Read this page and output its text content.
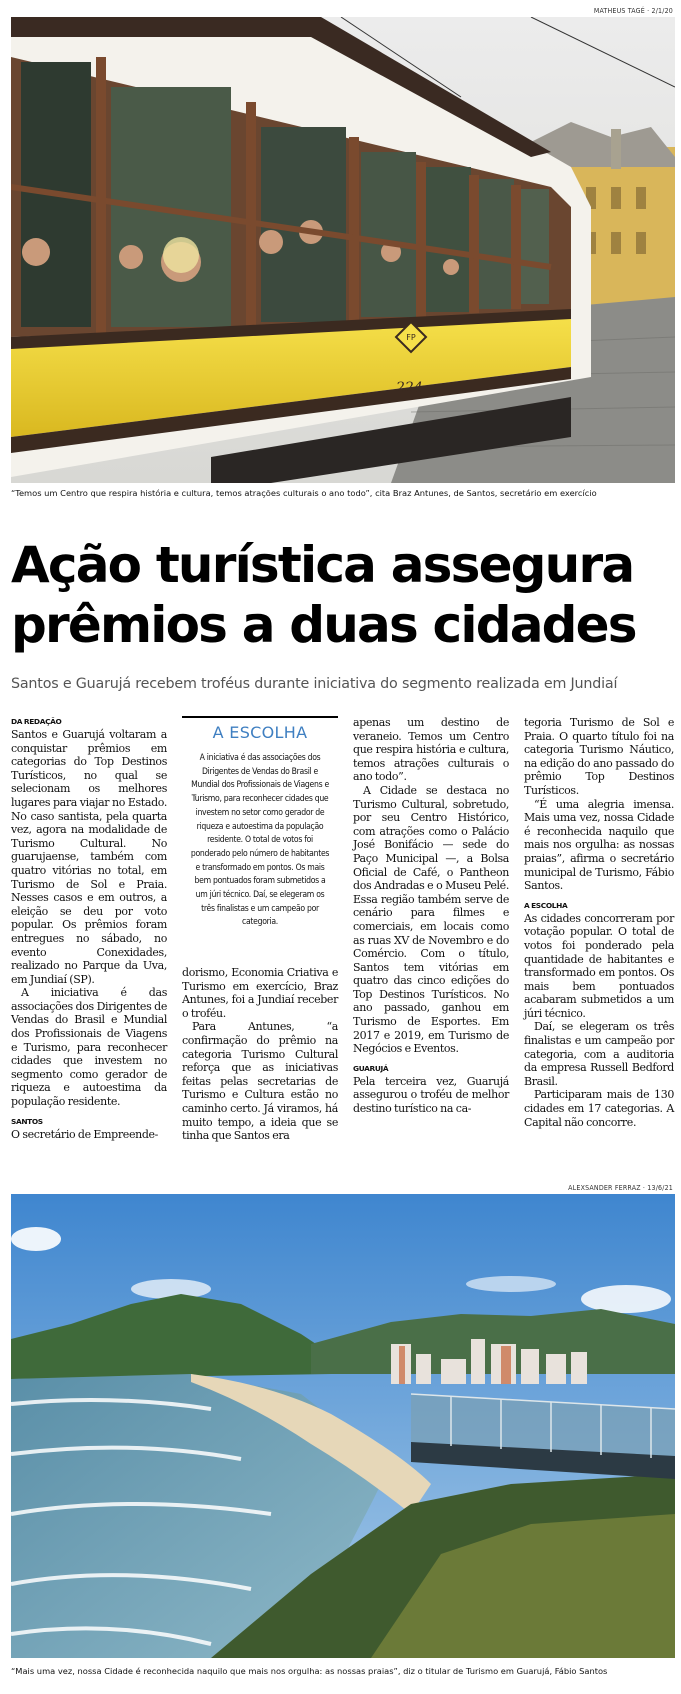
MATHEUS TAGÉ · 2/1/20
FP
224
“Temos um Centro que respira história e cultura, temos atrações culturais o ano todo”, cita Braz Antunes, de Santos, secretário em exercício
Ação turística assegura
prêmios a duas cidades
Santos e Guarujá recebem troféus durante iniciativa do segmento realizada em Jundiaí

DA REDAÇÃO

Santos e Guarujá voltaram a conquistar prêmios em categorias do Top Destinos Turísticos, no qual se selecionam os melhores lugares para viajar no Estado. No caso santista, pela quarta vez, agora na modalidade de Turismo Cultural. No guarujaense, também com quatro vitórias no total, em Turismo de Sol e Praia. Nesses casos e em outros, a eleição se deu por voto popular. Os prêmios foram entregues no sábado, no evento Conexidades, realizado no Parque da Uva, em Jundiaí (SP).

A iniciativa é das associações dos Dirigentes de Vendas do Brasil e Mundial dos Profissionais de Viagens e Turismo, para reconhecer cidades que investem no segmento como gerador de riqueza e autoestima da população residente.

SANTOS

O secretário de Empreende-

A ESCOLHA

A iniciativa é das associações dos Dirigentes de Vendas do Brasil e Mundial dos Profissionais de Viagens e Turismo, para reconhecer cidades que investem no setor como gerador de riqueza e autoestima da população residente. O total de votos foi ponderado pelo número de habitantes e transformado em pontos. Os mais bem pontuados foram submetidos a um júri técnico. Daí, se elegeram os três finalistas e um campeão por categoria.

dorismo, Economia Criativa e Turismo em exercício, Braz Antunes, foi a Jundiaí receber o troféu.

Para Antunes, “a confirmação do prêmio na categoria Turismo Cultural reforça que as iniciativas feitas pelas secretarias de Turismo e Cultura estão no caminho certo. Já viramos, há muito tempo, a ideia que se tinha que Santos era

apenas um destino de veraneio. Temos um Centro que respira história e cultura, temos atrações culturais o ano todo”.

A Cidade se destaca no Turismo Cultural, sobretudo, por seu Centro Histórico, com atrações como o Palácio José Bonifácio — sede do Paço Municipal —, a Bolsa Oficial de Café, o Pantheon dos Andradas e o Museu Pelé. Essa região também serve de cenário para filmes e comerciais, em locais como as ruas XV de Novembro e do Comércio. Com o título, Santos tem vitórias em quatro das cinco edições do Top Destinos Turísticos. No ano passado, ganhou em Turismo de Esportes. Em 2017 e 2019, em Turismo de Negócios e Eventos.

GUARUJÁ

Pela terceira vez, Guarujá assegurou o troféu de melhor destino turístico na ca-

tegoria Turismo de Sol e Praia. O quarto título foi na categoria Turismo Náutico, na edição do ano passado do prêmio Top Destinos Turísticos.

“É uma alegria imensa. Mais uma vez, nossa Cidade é reconhecida naquilo que mais nos orgulha: as nossas praias”, afirma o secretário municipal de Turismo, Fábio Santos.

A ESCOLHA

As cidades concorreram por votação popular. O total de votos foi ponderado pela quantidade de habitantes e transformado em pontos. Os mais bem pontuados acabaram submetidos a um júri técnico.

Daí, se elegeram os três finalistas e um campeão por categoria, com a auditoria da empresa Russell Bedford Brasil.

Participaram mais de 130 cidades em 17 categorias. A Capital não concorre.

ALEXSANDER FERRAZ · 13/6/21
“Mais uma vez, nossa Cidade é reconhecida naquilo que mais nos orgulha: as nossas praias”, diz o titular de Turismo em Guarujá, Fábio Santos
